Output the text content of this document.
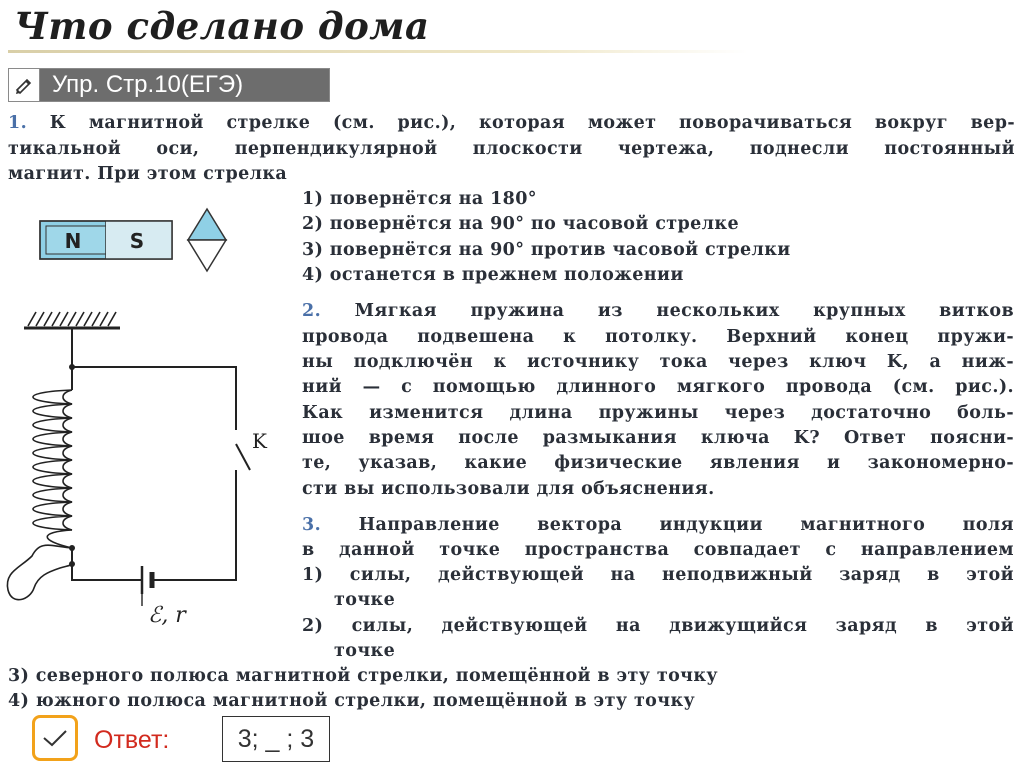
Что сделано дома
Упр. Стр.10(ЕГЭ)
1. К магнитной стрелке (см. рис.), которая может поворачиваться вокруг вер-
тикальной оси, перпендикулярной плоскости чертежа, поднесли постоянный
магнит. При этом стрелка
1) повернётся на 180°
2) повернётся на 90° по часовой стрелке
3) повернётся на 90° против часовой стрелки
4) останется в прежнем положении
2. Мягкая пружина из нескольких крупных витков
провода подвешена к потолку. Верхний конец пружи-
ны подключён к источнику тока через ключ K, а ниж-
ний — с помощью длинного мягкого провода (см. рис.).
Как изменится длина пружины через достаточно боль-
шое время после размыкания ключа K? Ответ поясни-
те, указав, какие физические явления и закономерно-
сти вы использовали для объяснения.
3. Направление вектора индукции магнитного поля
в данной точке пространства совпадает с направлением
1) силы, действующей на неподвижный заряд в этой
точке
2) силы, действующей на движущийся заряд в этой
точке
3) северного полюса магнитной стрелки, помещённой в эту точку
4) южного полюса магнитной стрелки, помещённой в эту точку
N S
K
ℰ, r
Ответ:	3; _ ; 3
